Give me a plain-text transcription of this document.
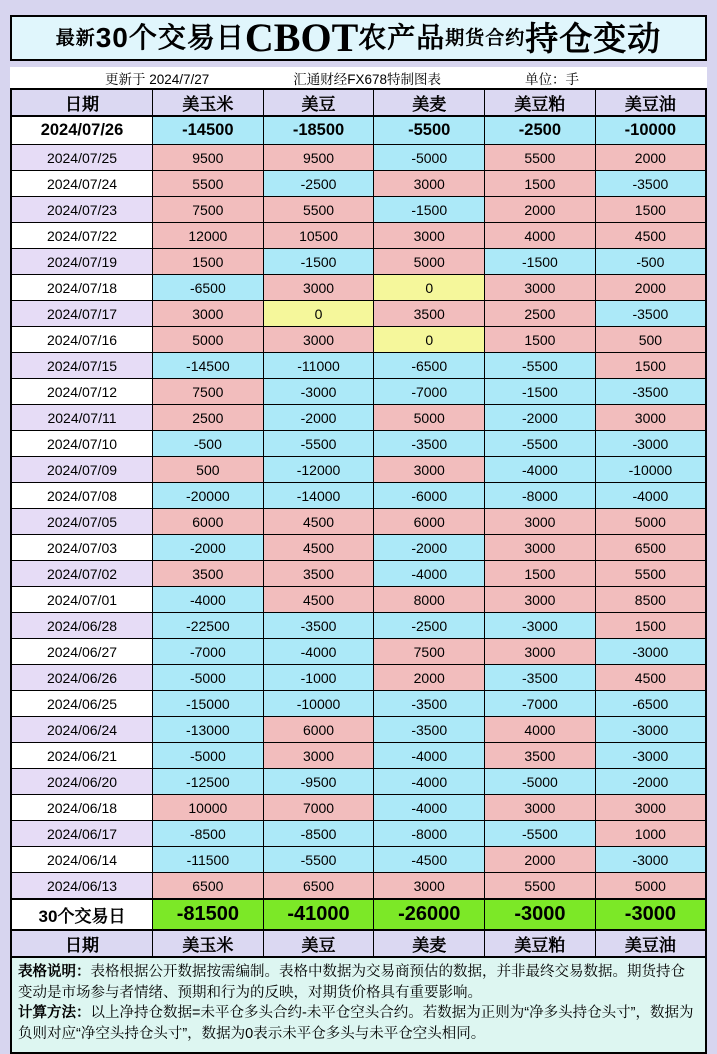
最新 30个交易日 CBOT 农产品 期货合约 持仓变动
更新于 2024/7/27	汇通财经FX678特制图表	单位：手
日期	美玉米	美豆	美麦	美豆粕	美豆油
2024/07/26	-14500	-18500	-5500	-2500	-10000
2024/07/25	9500	9500	-5000	5500	2000
2024/07/24	5500	-2500	3000	1500	-3500
2024/07/23	7500	5500	-1500	2000	1500
2024/07/22	12000	10500	3000	4000	4500
2024/07/19	1500	-1500	5000	-1500	-500
2024/07/18	-6500	3000	0	3000	2000
2024/07/17	3000	0	3500	2500	-3500
2024/07/16	5000	3000	0	1500	500
2024/07/15	-14500	-11000	-6500	-5500	1500
2024/07/12	7500	-3000	-7000	-1500	-3500
2024/07/11	2500	-2000	5000	-2000	3000
2024/07/10	-500	-5500	-3500	-5500	-3000
2024/07/09	500	-12000	3000	-4000	-10000
2024/07/08	-20000	-14000	-6000	-8000	-4000
2024/07/05	6000	4500	6000	3000	5000
2024/07/03	-2000	4500	-2000	3000	6500
2024/07/02	3500	3500	-4000	1500	5500
2024/07/01	-4000	4500	8000	3000	8500
2024/06/28	-22500	-3500	-2500	-3000	1500
2024/06/27	-7000	-4000	7500	3000	-3000
2024/06/26	-5000	-1000	2000	-3500	4500
2024/06/25	-15000	-10000	-3500	-7000	-6500
2024/06/24	-13000	6000	-3500	4000	-3000
2024/06/21	-5000	3000	-4000	3500	-3000
2024/06/20	-12500	-9500	-4000	-5000	-2000
2024/06/18	10000	7000	-4000	3000	3000
2024/06/17	-8500	-8500	-8000	-5500	1000
2024/06/14	-11500	-5500	-4500	2000	-3000
2024/06/13	6500	6500	3000	5500	5000
30个交易日	-81500	-41000	-26000	-3000	-3000
日期	美玉米	美豆	美麦	美豆粕	美豆油
表格说明：表格根据公开数据按需编制。表格中数据为交易商预估的数据，并非最终交易数据。期货持仓变动是市场参与者情绪、预期和行为的反映，对期货价格具有重要影响。
计算方法：以上净持仓数据=未平仓多头合约-未平仓空头合约。若数据为正则为“净多头持仓头寸”，数据为负则对应“净空头持仓头寸”，数据为0表示未平仓多头与未平仓空头相同。
